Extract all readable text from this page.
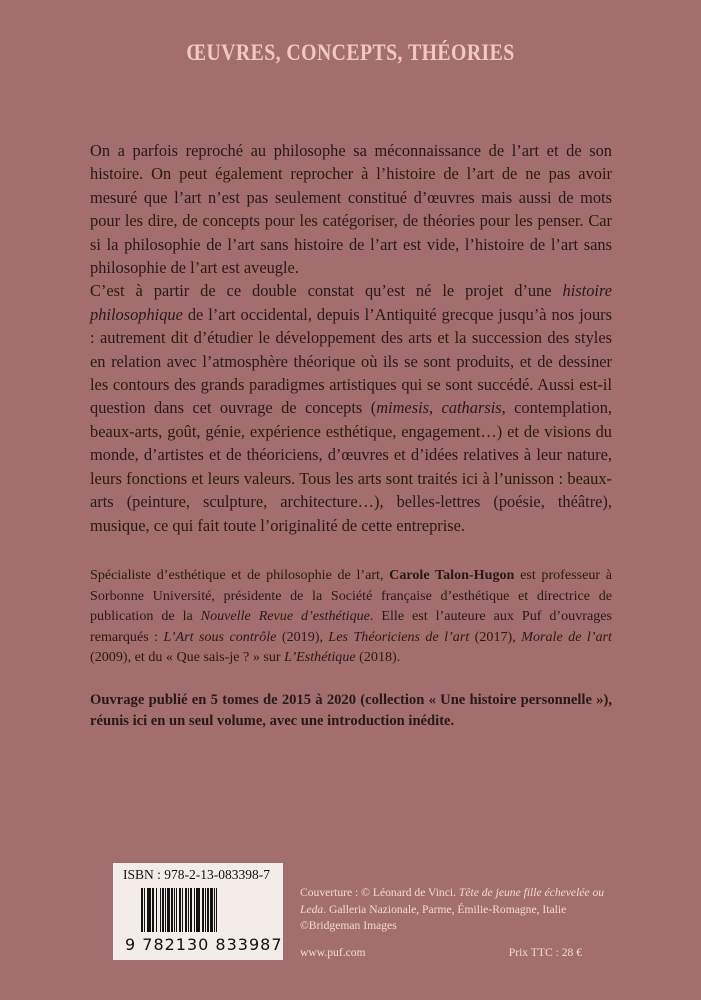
ŒUVRES, CONCEPTS, THÉORIES

On a parfois reproché au philosophe sa méconnaissance de l’art et de son histoire. On peut également reprocher à l’histoire de l’art de ne pas avoir mesuré que l’art n’est pas seulement constitué d’œuvres mais aussi de mots pour les dire, de concepts pour les catégoriser, de théories pour les penser. Car si la philosophie de l’art sans histoire de l’art est vide, l’histoire de l’art sans philosophie de l’art est aveugle.

C’est à partir de ce double constat qu’est né le projet d’une histoire philosophique de l’art occidental, depuis l’Antiquité grecque jusqu’à nos jours : autrement dit d’étudier le développement des arts et la succession des styles en relation avec l’atmosphère théorique où ils se sont produits, et de dessiner les contours des grands paradigmes artistiques qui se sont succédé. Aussi est-il question dans cet ouvrage de concepts (mimesis, catharsis, contemplation, beaux-arts, goût, génie, expérience esthétique, engagement…) et de visions du monde, d’artistes et de théoriciens, d’œuvres et d’idées relatives à leur nature, leurs fonctions et leurs valeurs. Tous les arts sont traités ici à l’unisson : beaux-arts (peinture, sculpture, architecture…), belles-lettres (poésie, théâtre), musique, ce qui fait toute l’originalité de cette entreprise.

Spécialiste d’esthétique et de philosophie de l’art, Carole Talon-Hugon est professeur à Sorbonne Université, présidente de la Société française d’esthétique et directrice de publication de la Nouvelle Revue d’esthétique. Elle est l’auteure aux Puf d’ouvrages remarqués : L’Art sous contrôle (2019), Les Théoriciens de l’art (2017), Morale de l’art (2009), et du « Que sais-je ? » sur L’Esthétique (2018).

Ouvrage publié en 5 tomes de 2015 à 2020 (collection « Une histoire personnelle »), réunis ici en un seul volume, avec une introduction inédite.
ISBN : 978-2-13-083398-7
9 782130 833987

Couverture : © Léonard de Vinci. Tête de jeune fille échevelée ou Leda. Galleria Nazionale, Parme, Émilie-Romagne, Italie ©Bridgeman Images

www.puf.com	Prix TTC : 28 €
